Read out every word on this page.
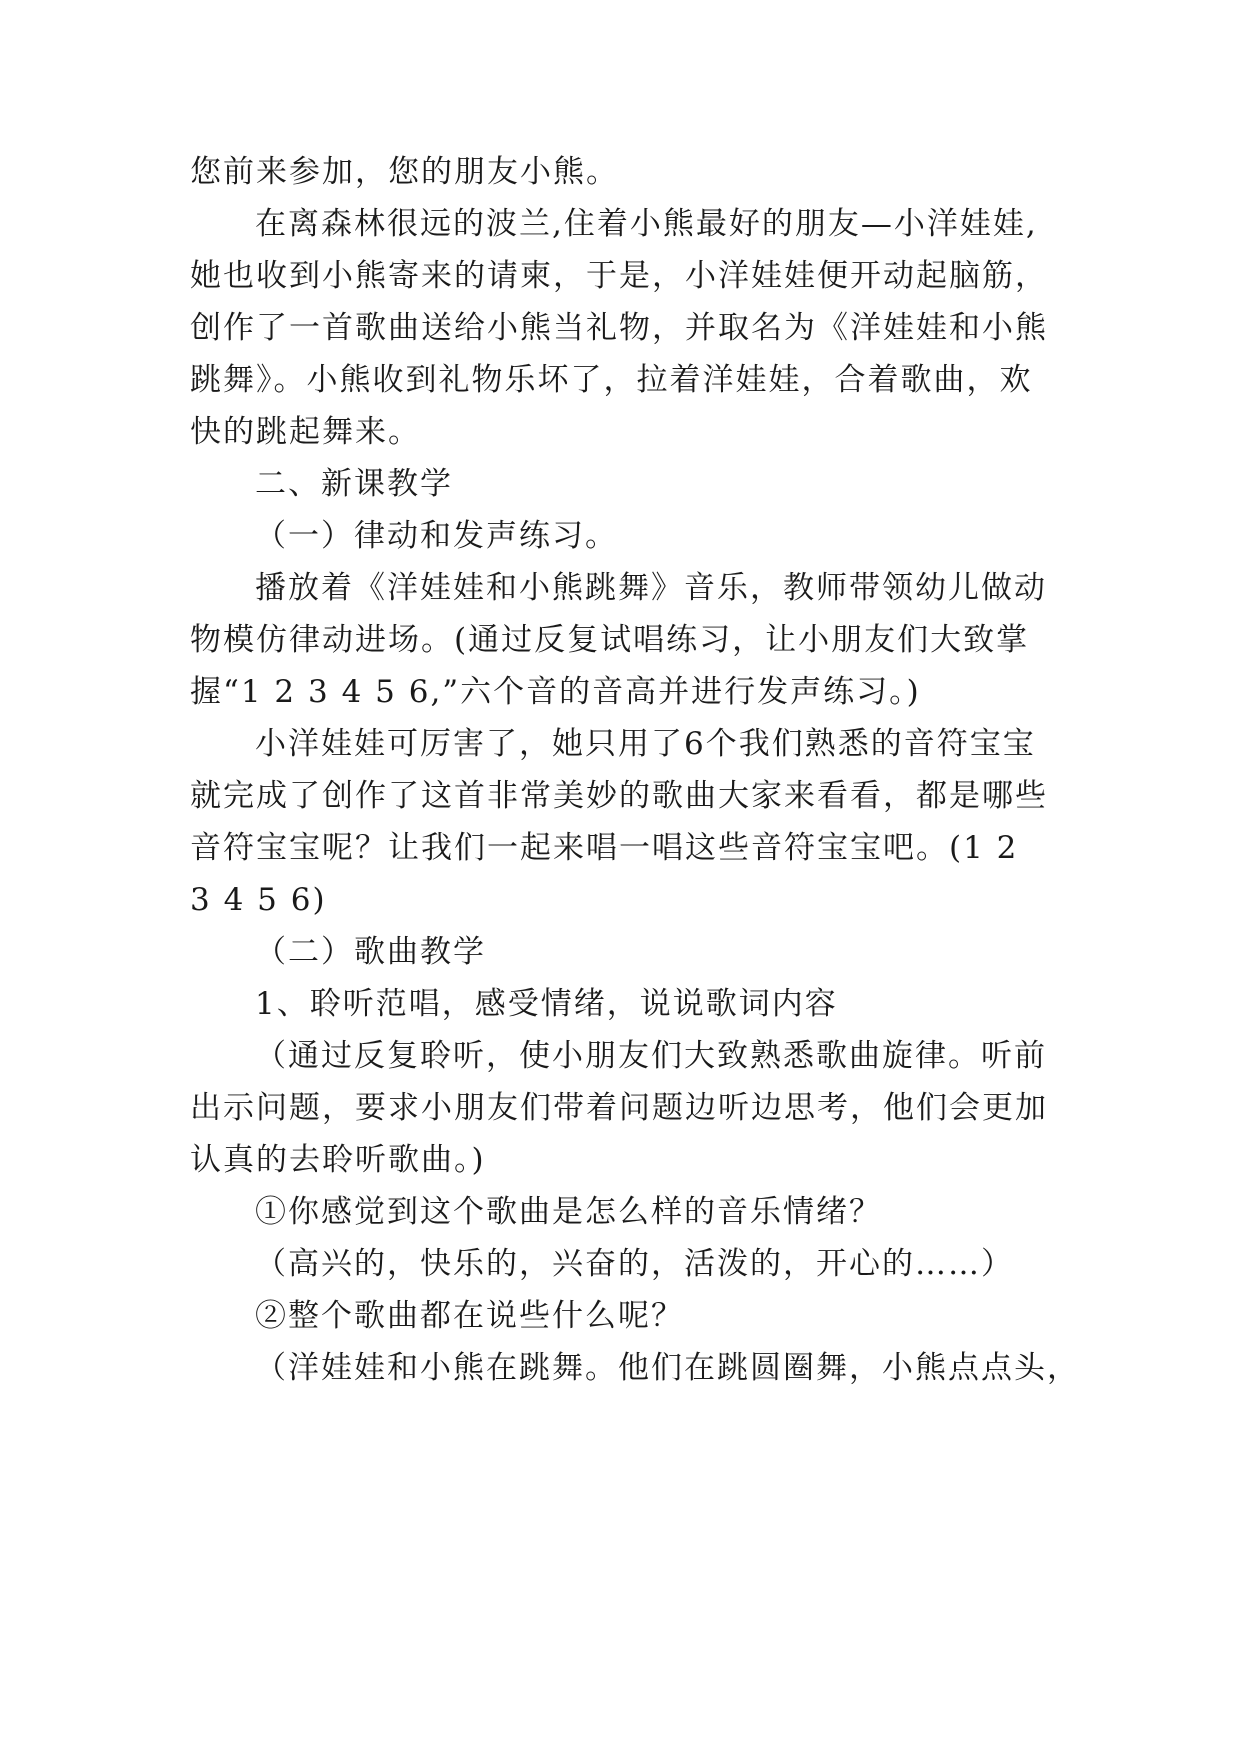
您前来参加，您的朋友小熊。
在离森林很远的波兰,住着小熊最好的朋友—小洋娃娃,
她也收到小熊寄来的请柬，于是，小洋娃娃便开动起脑筋，
创作了一首歌曲送给小熊当礼物，并取名为《洋娃娃和小熊
跳舞》。小熊收到礼物乐坏了，拉着洋娃娃，合着歌曲，欢
快的跳起舞来。
二、新课教学
（一）律动和发声练习。
播放着《洋娃娃和小熊跳舞》音乐，教师带领幼儿做动
物模仿律动进场。(通过反复试唱练习，让小朋友们大致掌
握“1 2 3 4 5 6,”六个音的音高并进行发声练习。)
小洋娃娃可厉害了，她只用了6个我们熟悉的音符宝宝
就完成了创作了这首非常美妙的歌曲大家来看看，都是哪些
音符宝宝呢？让我们一起来唱一唱这些音符宝宝吧。(1 2
3 4 5 6)
（二）歌曲教学
1、聆听范唱，感受情绪，说说歌词内容
（通过反复聆听，使小朋友们大致熟悉歌曲旋律。听前
出示问题，要求小朋友们带着问题边听边思考，他们会更加
认真的去聆听歌曲。)
①你感觉到这个歌曲是怎么样的音乐情绪？
（高兴的，快乐的，兴奋的，活泼的，开心的……）
②整个歌曲都在说些什么呢？
（洋娃娃和小熊在跳舞。他们在跳圆圈舞，小熊点点头，
